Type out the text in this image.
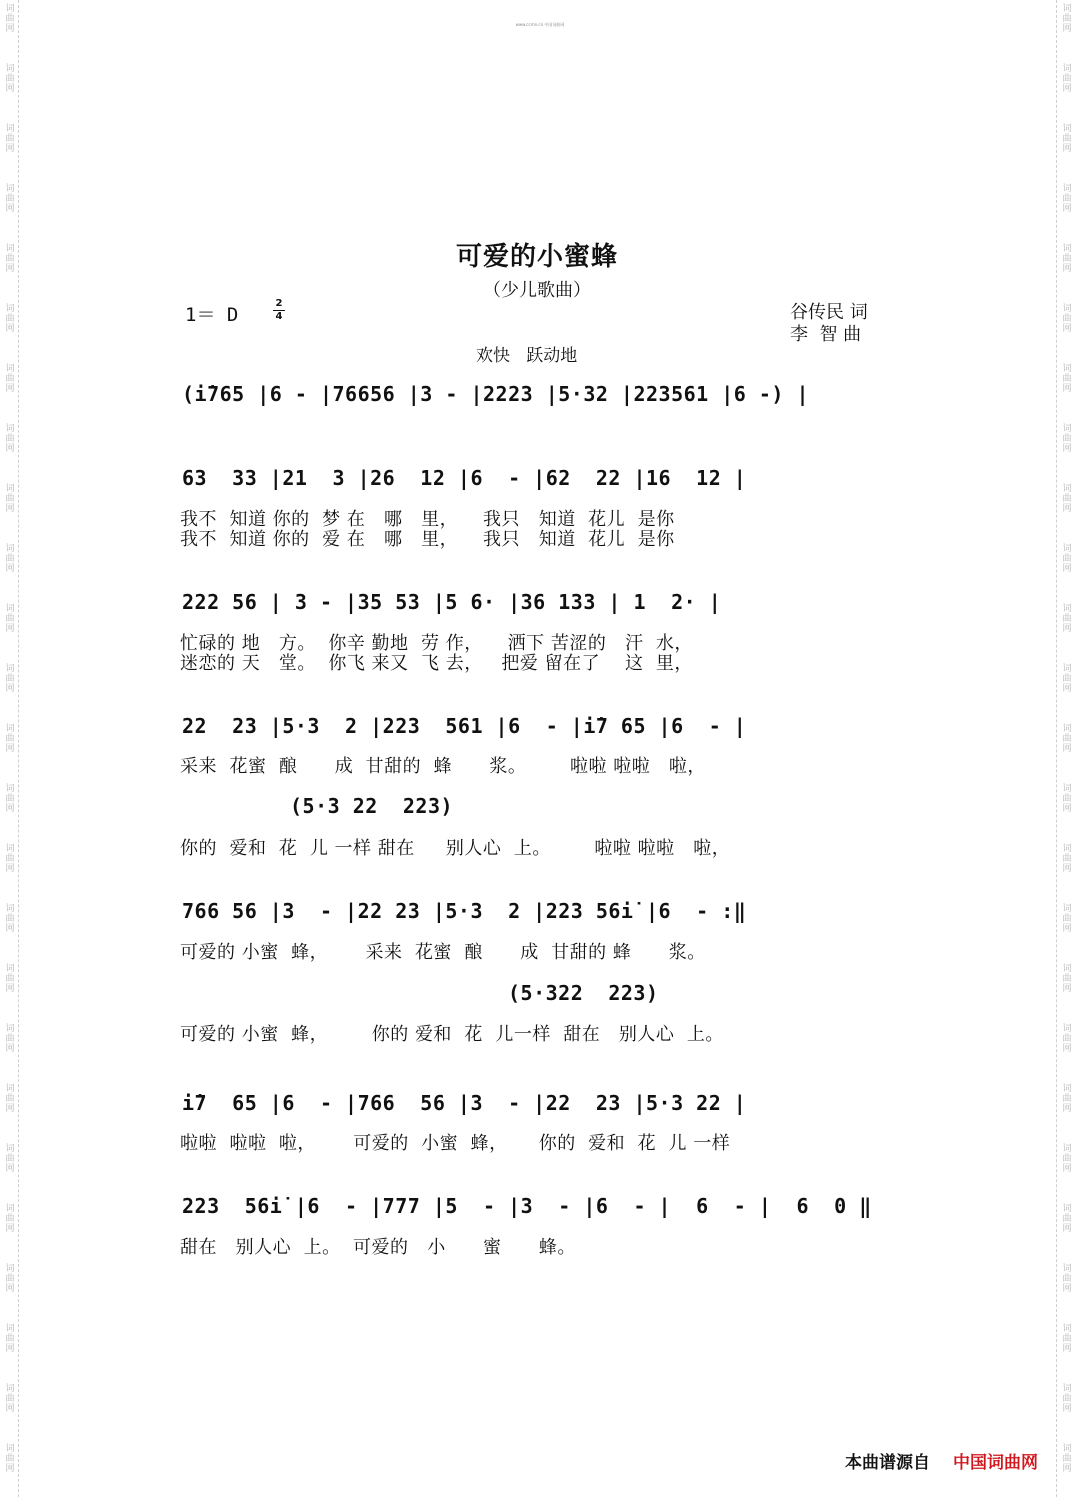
词
曲
网
词
曲
网
词
曲
网
词
曲
网
词
曲
网
词
曲
网
词
曲
网
词
曲
网
词
曲
网
词
曲
网
词
曲
网
词
曲
网
词
曲
网
词
曲
网
词
曲
网
词
曲
网
词
曲
网
词
曲
网
词
曲
网
词
曲
网
词
曲
网
词
曲
网
词
曲
网
词
曲
网
词
曲
网
词
曲
网
词
曲
网
词
曲
网
词
曲
网
词
曲
网
词
曲
网
词
曲
网
词
曲
网
词
曲
网
词
曲
网
词
曲
网
词
曲
网
词
曲
网
词
曲
网
词
曲
网
词
曲
网
词
曲
网
词
曲
网
词
曲
网
词
曲
网
词
曲
网
词
曲
网
词
曲
网
词
曲
网
词
曲
网
www.ccmn.cn 中国词曲网
可爱的小蜜蜂
（少儿歌曲）
1＝ D
2
4	谷传民 词
李  智 曲
欢快   跃动地
(i̇765 |6 - |76656 |3 - |2223 |5·32 |223561 |6 -) |
63  33 |21  3 |26  12 |6  - |62  22 |16  12 |
我不  知道 你的  梦 在   哪   里，    我只   知道  花儿  是你
我不  知道 你的  爱 在   哪   里，    我只   知道  花儿  是你
222 56 | 3 - |35 53 |5 6· |36 133 | 1  2· |
忙碌的 地   方。  你辛 勤地  劳 作，    洒下 苦涩的   汗  水，
迷恋的 天   堂。  你飞 来又  飞 去，   把爱 留在了    这  里，
22  23 |5·3  2 |223  561 |6  - |i̇7 65 |6  - |
采来  花蜜  酿      成  甘甜的  蜂      浆。       啦啦 啦啦   啦，
(5·3 22  223)
你的  爱和  花  儿 一样 甜在     别人心  上。       啦啦 啦啦   啦，
766 56 |3  - |22 23 |5·3  2 |223 56i̇ |6  - :‖
可爱的 小蜜  蜂，      采来  花蜜  酿      成  甘甜的 蜂      浆。
(5·322  223)
可爱的 小蜜  蜂，       你的 爱和  花  儿一样  甜在   别人心  上。
i̇7  65 |6  - |766  56 |3  - |22  23 |5·3 22 |
啦啦  啦啦  啦，      可爱的  小蜜  蜂，     你的  爱和  花  儿 一样
223  56i̇ |6  - |777 |5  - |3  - |6  - |  6  - |  6  0 ‖
甜在   别人心  上。  可爱的   小      蜜      蜂。
本曲谱源自 中国词曲网
